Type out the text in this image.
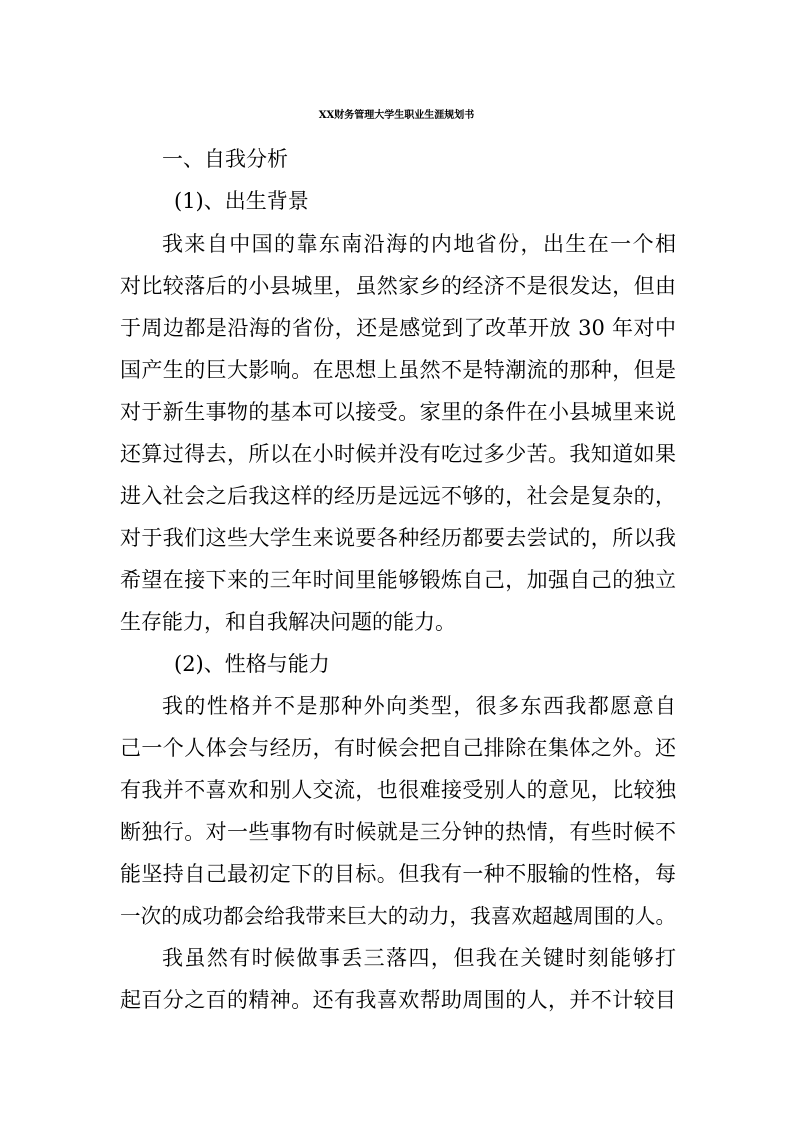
XX财务管理大学生职业生涯规划书
一、自我分析
(1)、出生背景
我来自中国的靠东南沿海的内地省份，出生在一个相
对比较落后的小县城里，虽然家乡的经济不是很发达，但由
于周边都是沿海的省份，还是感觉到了改革开放 30 年对中
国产生的巨大影响。在思想上虽然不是特潮流的那种，但是
对于新生事物的基本可以接受。家里的条件在小县城里来说
还算过得去，所以在小时候并没有吃过多少苦。我知道如果
进入社会之后我这样的经历是远远不够的，社会是复杂的，
对于我们这些大学生来说要各种经历都要去尝试的，所以我
希望在接下来的三年时间里能够锻炼自己，加强自己的独立
生存能力，和自我解决问题的能力。
(2)、性格与能力
我的性格并不是那种外向类型，很多东西我都愿意自
己一个人体会与经历，有时候会把自己排除在集体之外。还
有我并不喜欢和别人交流，也很难接受别人的意见，比较独
断独行。对一些事物有时候就是三分钟的热情，有些时候不
能坚持自己最初定下的目标。但我有一种不服输的性格，每
一次的成功都会给我带来巨大的动力，我喜欢超越周围的人。
我虽然有时候做事丢三落四，但我在关键时刻能够打
起百分之百的精神。还有我喜欢帮助周围的人，并不计较目
